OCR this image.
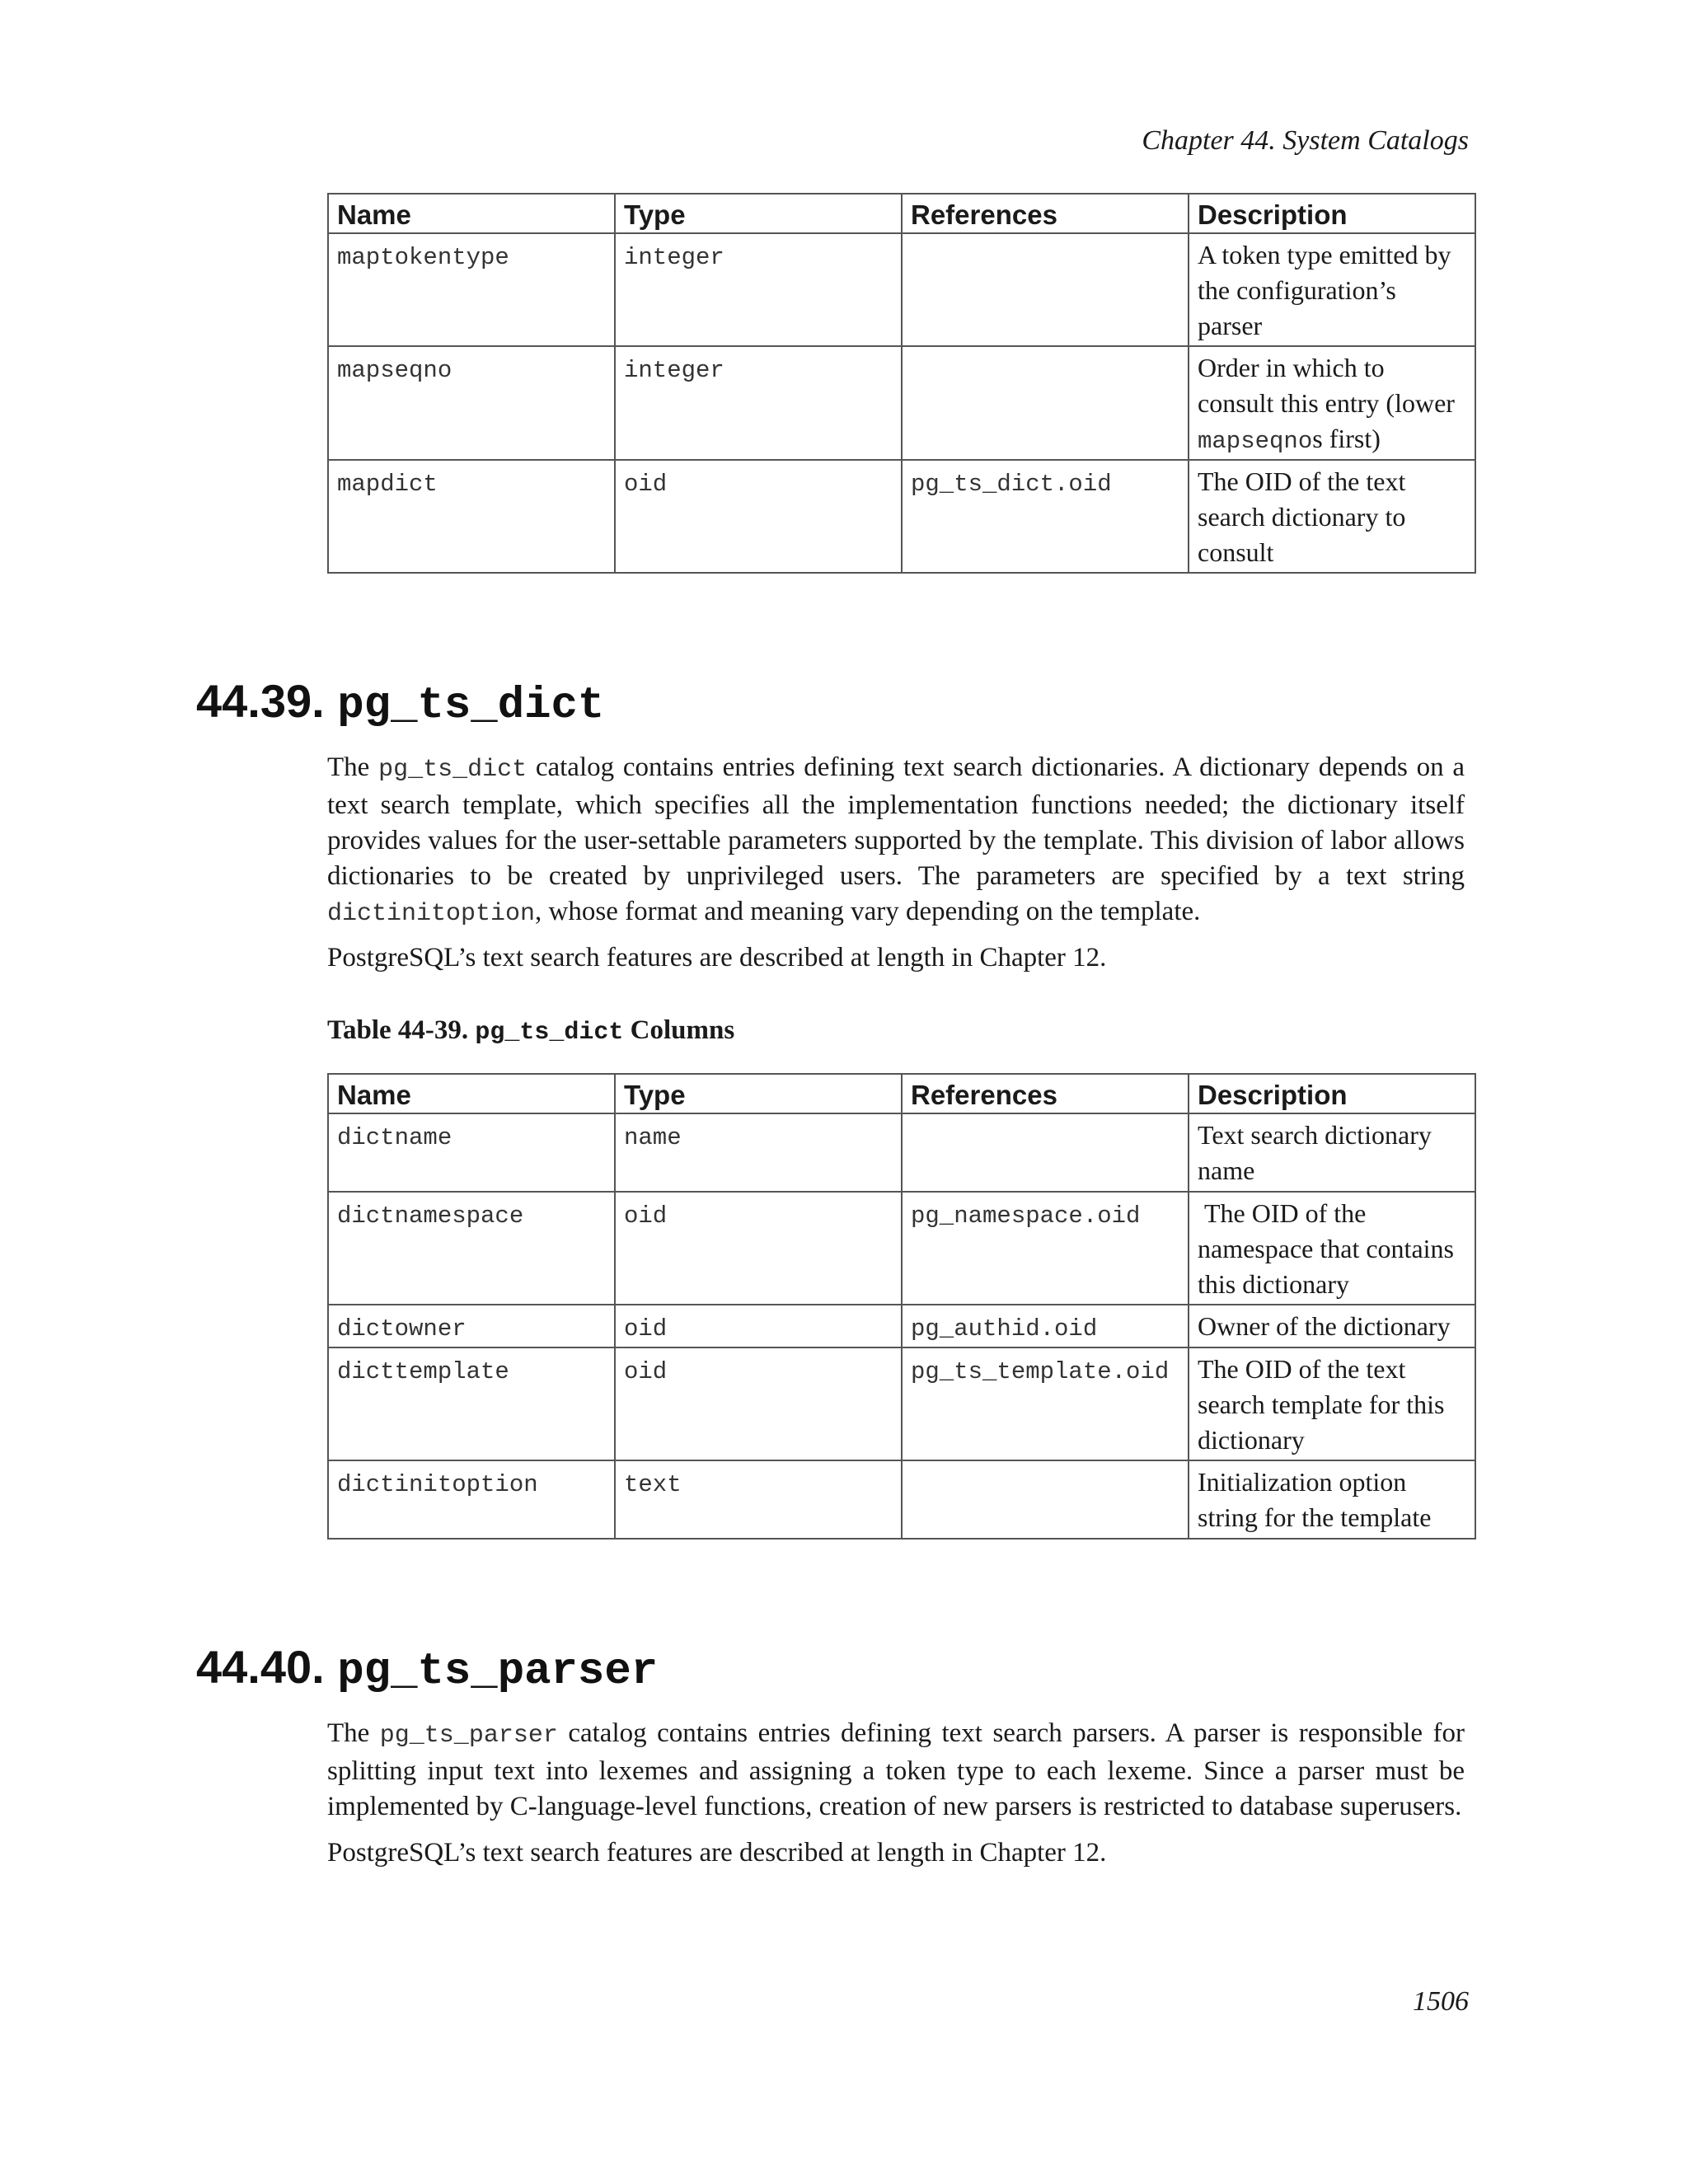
Chapter 44. System Catalogs
Name	Type	References	Description
maptokentype	integer		A token type emitted by the configuration’s parser
mapseqno	integer		Order in which to consult this entry (lower mapseqnos first)
mapdict	oid	pg_ts_dict.oid	The OID of the text search dictionary to consult
44.39. pg_ts_dict

The pg_ts_dict catalog contains entries defining text search dictionaries. A dictionary depends on a text search template, which specifies all the implementation functions needed; the dictionary itself provides values for the user-settable parameters supported by the template. This division of labor allows dictionaries to be created by unprivileged users. The parameters are specified by a text string dictinitoption, whose format and meaning vary depending on the template.

PostgreSQL’s text search features are described at length in Chapter 12.

Table 44-39. pg_ts_dict Columns
Name	Type	References	Description
dictname	name		Text search dictionary name
dictnamespace	oid	pg_namespace.oid	The OID of the namespace that contains this dictionary
dictowner	oid	pg_authid.oid	Owner of the dictionary
dicttemplate	oid	pg_ts_template.oid	The OID of the text search template for this dictionary
dictinitoption	text		Initialization option string for the template
44.40. pg_ts_parser

The pg_ts_parser catalog contains entries defining text search parsers. A parser is responsible for splitting input text into lexemes and assigning a token type to each lexeme. Since a parser must be implemented by C-language-level functions, creation of new parsers is restricted to database superusers.

PostgreSQL’s text search features are described at length in Chapter 12.

1506
